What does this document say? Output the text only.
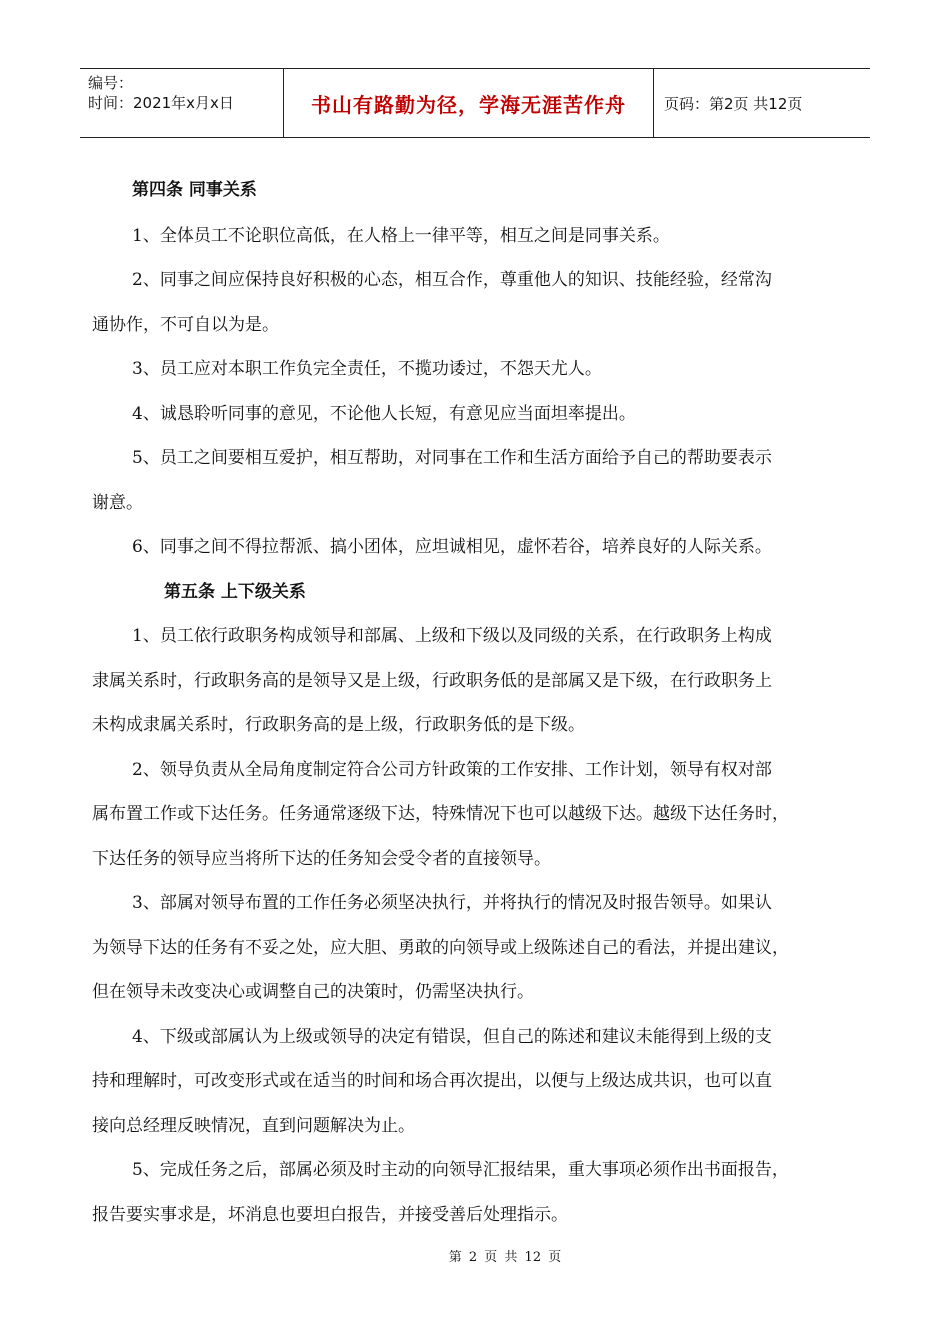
编号：
时间：2021年x月x日	书山有路勤为径，学海无涯苦作舟	页码：第2页 共12页
第四条 同事关系
1、全体员工不论职位高低，在人格上一律平等，相互之间是同事关系。
2、同事之间应保持良好积极的心态，相互合作，尊重他人的知识、技能经验，经常沟
通协作，不可自以为是。
3、员工应对本职工作负完全责任，不揽功诿过，不怨天尤人。
4、诚恳聆听同事的意见，不论他人长短，有意见应当面坦率提出。
5、员工之间要相互爱护，相互帮助，对同事在工作和生活方面给予自己的帮助要表示
谢意。
6、同事之间不得拉帮派、搞小团体，应坦诚相见，虚怀若谷，培养良好的人际关系。
第五条 上下级关系
1、员工依行政职务构成领导和部属、上级和下级以及同级的关系，在行政职务上构成
隶属关系时，行政职务高的是领导又是上级，行政职务低的是部属又是下级，在行政职务上
未构成隶属关系时，行政职务高的是上级，行政职务低的是下级。
2、领导负责从全局角度制定符合公司方针政策的工作安排、工作计划，领导有权对部
属布置工作或下达任务。任务通常逐级下达，特殊情况下也可以越级下达。越级下达任务时，
下达任务的领导应当将所下达的任务知会受令者的直接领导。
3、部属对领导布置的工作任务必须坚决执行，并将执行的情况及时报告领导。如果认
为领导下达的任务有不妥之处，应大胆、勇敢的向领导或上级陈述自己的看法，并提出建议，
但在领导未改变决心或调整自己的决策时，仍需坚决执行。
4、下级或部属认为上级或领导的决定有错误，但自己的陈述和建议未能得到上级的支
持和理解时，可改变形式或在适当的时间和场合再次提出，以便与上级达成共识，也可以直
接向总经理反映情况，直到问题解决为止。
5、完成任务之后，部属必须及时主动的向领导汇报结果，重大事项必须作出书面报告，
报告要实事求是，坏消息也要坦白报告，并接受善后处理指示。
第 2 页 共 12 页
